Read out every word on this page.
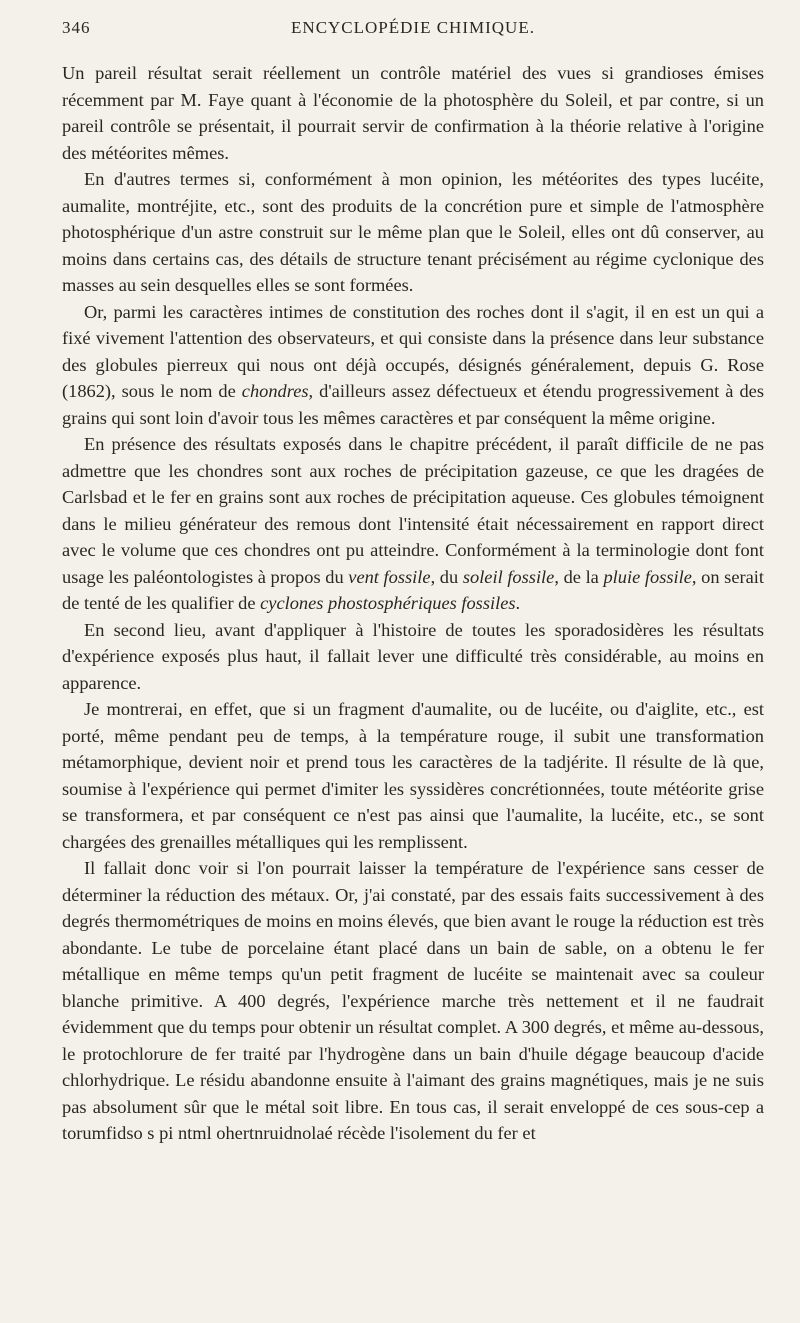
346	ENCYCLOPÉDIE CHIMIQUE.

Un pareil résultat serait réellement un contrôle matériel des vues si grandioses émises récemment par M. Faye quant à l'économie de la photosphère du Soleil, et par contre, si un pareil contrôle se présentait, il pourrait servir de confirmation à la théorie relative à l'origine des météorites mêmes.

En d'autres termes si, conformément à mon opinion, les météorites des types lucéite, aumalite, montréjite, etc., sont des produits de la concrétion pure et simple de l'atmosphère photosphérique d'un astre construit sur le même plan que le Soleil, elles ont dû conserver, au moins dans certains cas, des détails de structure tenant précisément au régime cyclonique des masses au sein desquelles elles se sont formées.

Or, parmi les caractères intimes de constitution des roches dont il s'agit, il en est un qui a fixé vivement l'attention des observateurs, et qui consiste dans la présence dans leur substance des globules pierreux qui nous ont déjà occupés, désignés généralement, depuis G. Rose (1862), sous le nom de chondres, d'ailleurs assez défectueux et étendu progressivement à des grains qui sont loin d'avoir tous les mêmes caractères et par conséquent la même origine.

En présence des résultats exposés dans le chapitre précédent, il paraît difficile de ne pas admettre que les chondres sont aux roches de précipitation gazeuse, ce que les dragées de Carlsbad et le fer en grains sont aux roches de précipitation aqueuse. Ces globules témoignent dans le milieu générateur des remous dont l'intensité était nécessairement en rapport direct avec le volume que ces chondres ont pu atteindre. Conformément à la terminologie dont font usage les paléontologistes à propos du vent fossile, du soleil fossile, de la pluie fossile, on serait de tenté de les qualifier de cyclones phostosphériques fossiles.

En second lieu, avant d'appliquer à l'histoire de toutes les sporadosidères les résultats d'expérience exposés plus haut, il fallait lever une difficulté très considérable, au moins en apparence.

Je montrerai, en effet, que si un fragment d'aumalite, ou de lucéite, ou d'aiglite, etc., est porté, même pendant peu de temps, à la température rouge, il subit une transformation métamorphique, devient noir et prend tous les caractères de la tadjérite. Il résulte de là que, soumise à l'expérience qui permet d'imiter les syssidères concrétionnées, toute météorite grise se transformera, et par conséquent ce n'est pas ainsi que l'aumalite, la lucéite, etc., se sont chargées des grenailles métalliques qui les remplissent.

Il fallait donc voir si l'on pourrait laisser la température de l'expérience sans cesser de déterminer la réduction des métaux. Or, j'ai constaté, par des essais faits successivement à des degrés thermométriques de moins en moins élevés, que bien avant le rouge la réduction est très abondante. Le tube de porcelaine étant placé dans un bain de sable, on a obtenu le fer métallique en même temps qu'un petit fragment de lucéite se maintenait avec sa couleur blanche primitive. A 400 degrés, l'expérience marche très nettement et il ne faudrait évidemment que du temps pour obtenir un résultat complet. A 300 degrés, et même au-dessous, le protochlorure de fer traité par l'hydrogène dans un bain d'huile dégage beaucoup d'acide chlorhydrique. Le résidu abandonne ensuite à l'aimant des grains magnétiques, mais je ne suis pas absolument sûr que le métal soit libre. En tous cas, il serait enveloppé de ces sous-cep a torumfidso s pi ntml ohertnruidnolaé récède l'isolement du fer et
